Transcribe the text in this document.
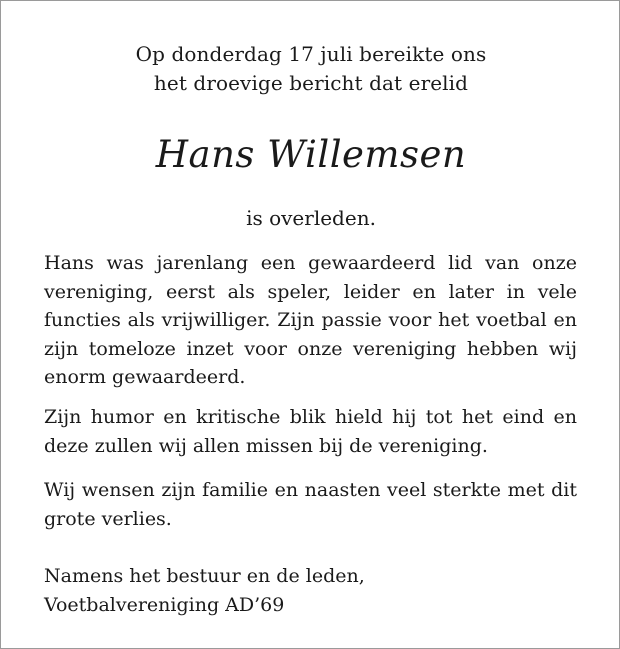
Op donderdag 17 juli bereikte ons
het droevige bericht dat erelid
Hans Willemsen
is overleden.
Hans was jarenlang een gewaardeerd lid van onze vereniging, eerst als speler, leider en later in vele functies als vrijwilliger. Zijn passie voor het voetbal en zijn tomeloze inzet voor onze vereniging hebben wij enorm gewaardeerd.
Zijn humor en kritische blik hield hij tot het eind en deze zullen wij allen missen bij de vereniging.
Wij wensen zijn familie en naasten veel sterkte met dit grote verlies.
Namens het bestuur en de leden,
Voetbalvereniging AD’69
